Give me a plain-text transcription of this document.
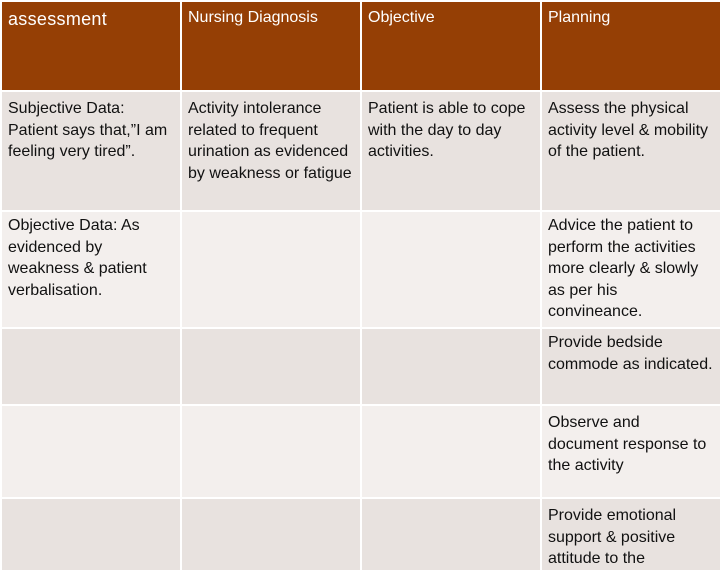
assessment	Nursing Diagnosis	Objective	Planning
Subjective Data: Patient says that,”I am feeling very tired”.	Activity intolerance related to frequent urination as evidenced by weakness or fatigue	Patient is able to cope with the day to day activities.	Assess the physical activity level & mobility of the patient.
Objective Data: As evidenced by weakness & patient verbalisation.			Advice the patient to perform the activities more clearly & slowly as per his convineance.
			Provide bedside commode as indicated.
			Observe and document response to the activity
			Provide emotional support & positive attitude to the
